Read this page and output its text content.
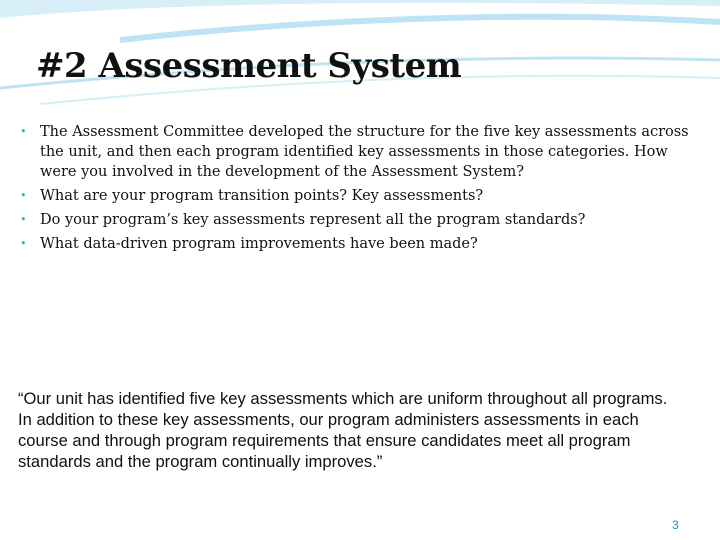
#2 Assessment System
• The Assessment Committee developed the structure for the five key assessments across the unit, and then each program identified key assessments in those categories. How were you involved in the development of the Assessment System?
• What are your program transition points? Key assessments?
• Do your program’s key assessments represent all the program standards?
• What data-driven program improvements have been made?

“Our unit has identified five key assessments which are uniform throughout all programs. In addition to these key assessments, our program administers assessments in each course and through program requirements that ensure candidates meet all program standards and the program continually improves.”

3
